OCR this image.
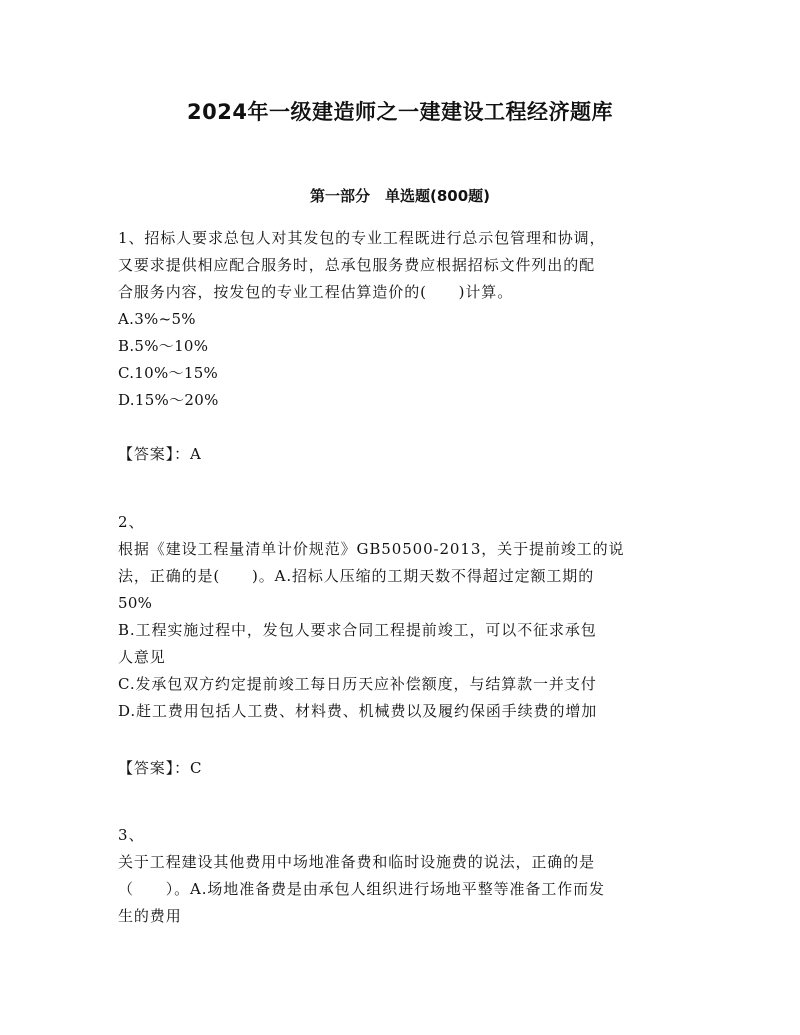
2024年一级建造师之一建建设工程经济题库
第一部分　单选题(800题)
1、招标人要求总包人对其发包的专业工程既进行总示包管理和协调，
又要求提供相应配合服务时，总承包服务费应根据招标文件列出的配
合服务内容，按发包的专业工程估算造价的(　　)计算。
A.3%~5%
B.5%～10%
C.10%～15%
D.15%～20%
【答案】：A
2、
根据《建设工程量清单计价规范》GB50500-2013，关于提前竣工的说
法，正确的是(　　)。A.招标人压缩的工期天数不得超过定额工期的
50%
B.工程实施过程中，发包人要求合同工程提前竣工，可以不征求承包
人意见
C.发承包双方约定提前竣工每日历天应补偿额度，与结算款一并支付
D.赶工费用包括人工费、材料费、机械费以及履约保函手续费的增加
【答案】：C
3、
关于工程建设其他费用中场地准备费和临时设施费的说法，正确的是
（　　）。A.场地准备费是由承包人组织进行场地平整等准备工作而发
生的费用
